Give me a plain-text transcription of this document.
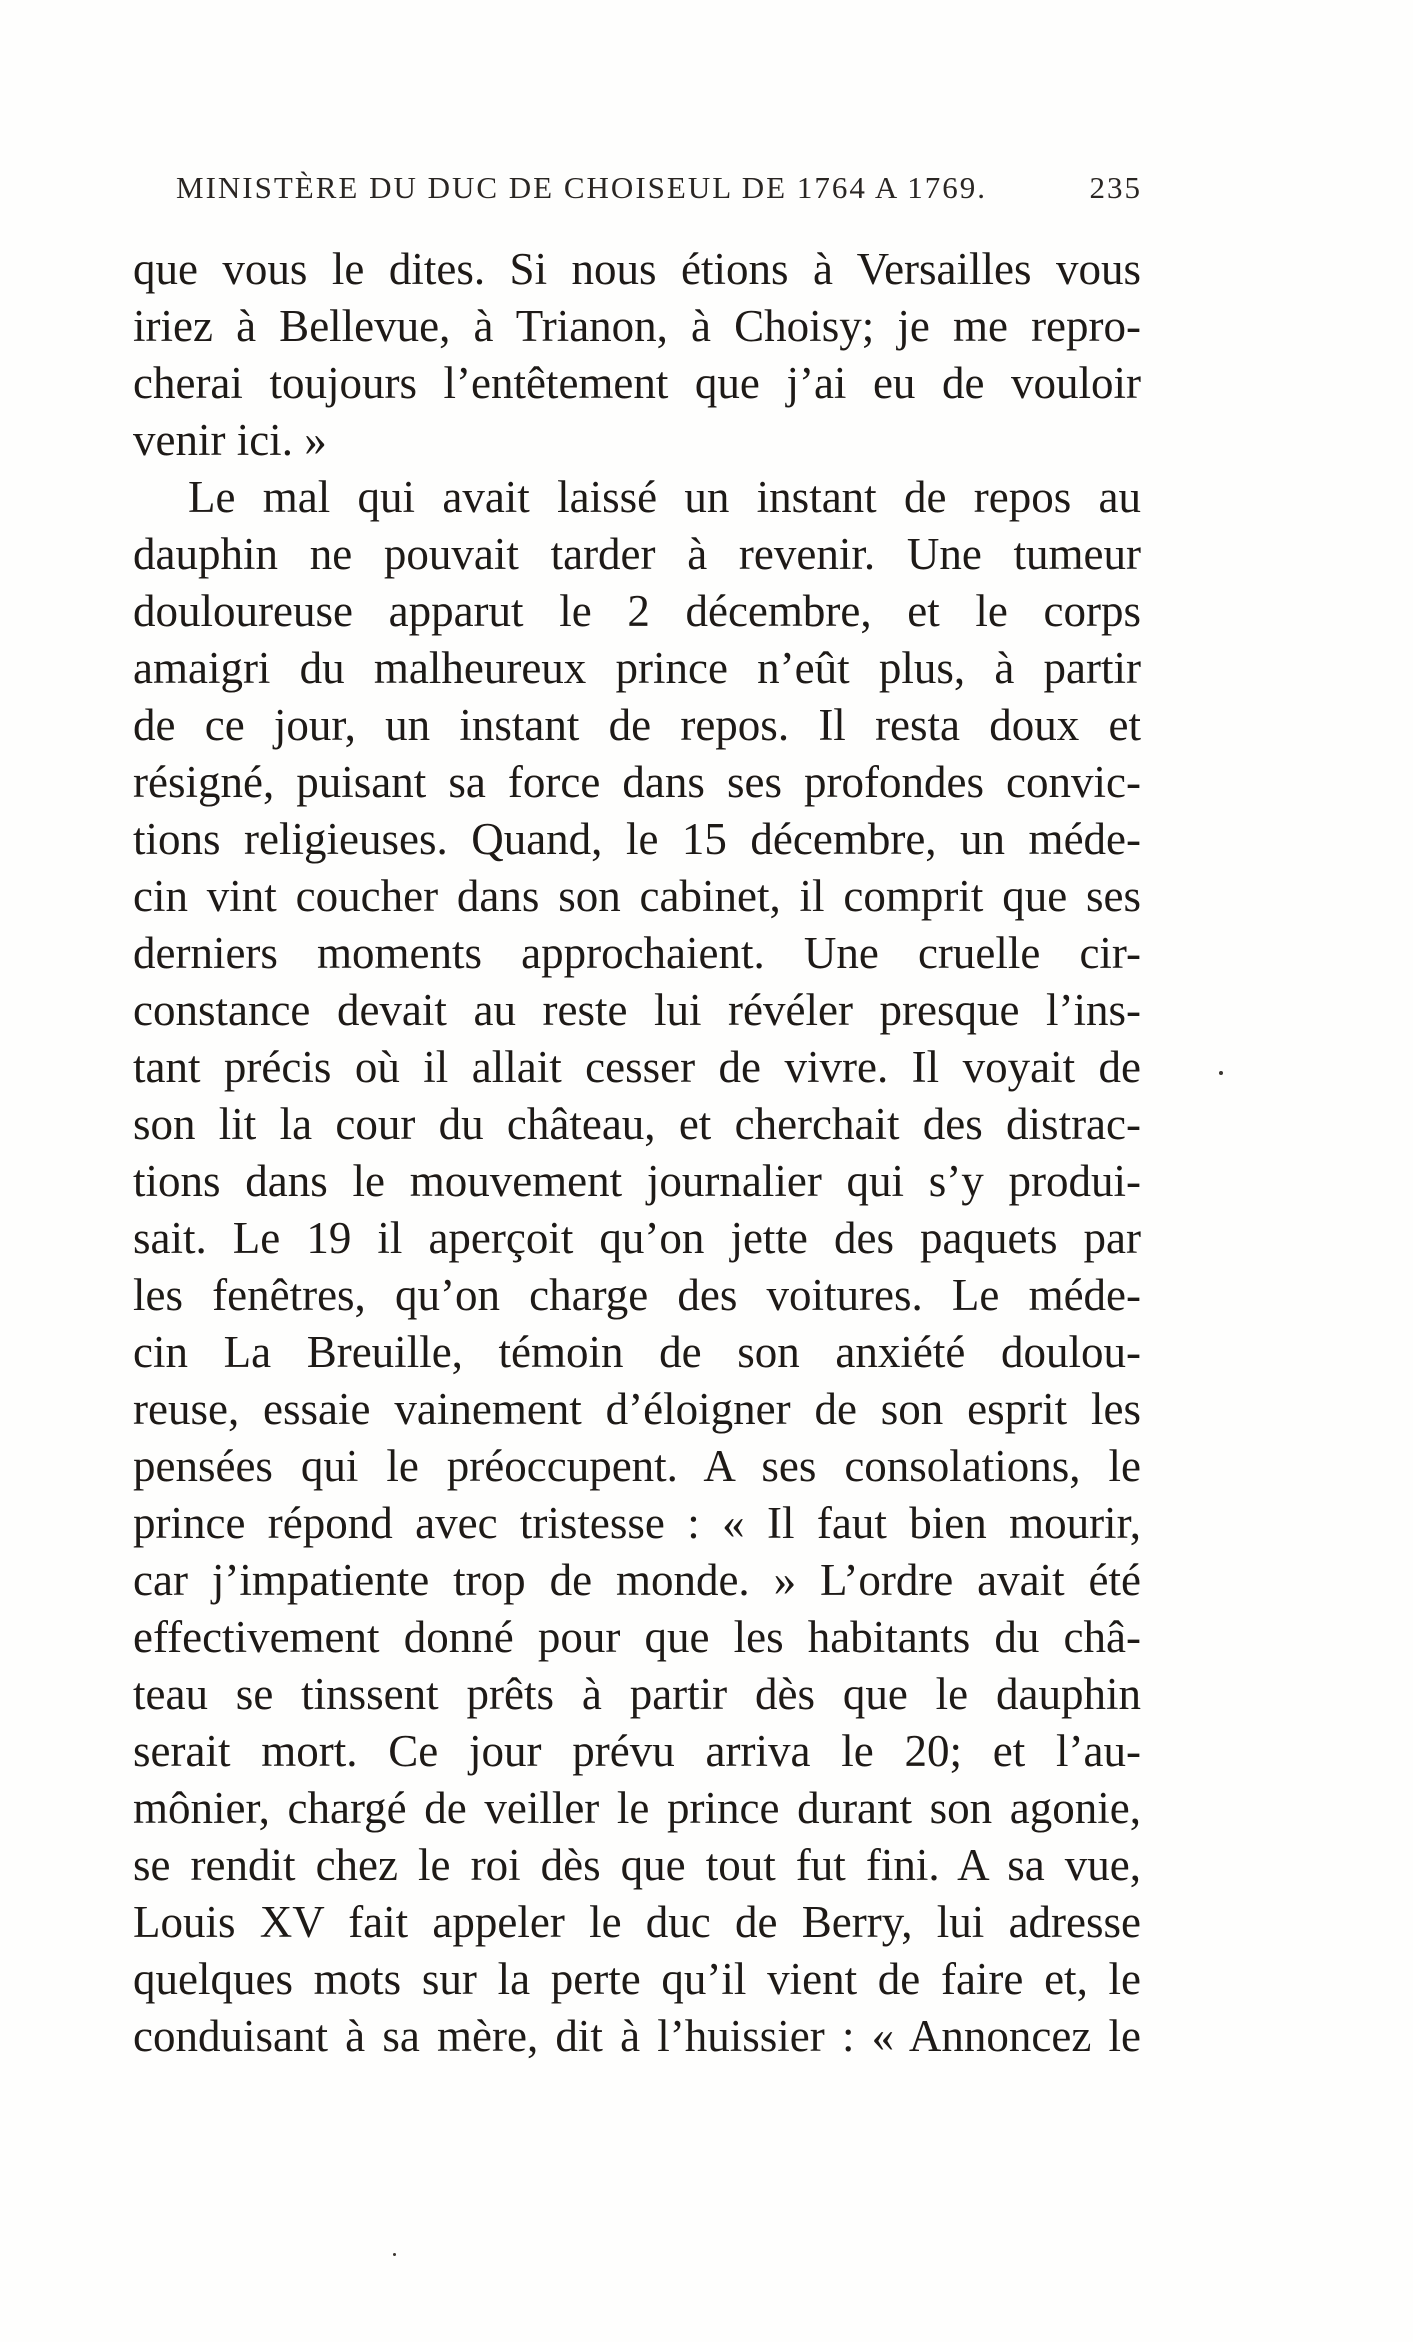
MINISTÈRE DU DUC DE CHOISEUL DE 1764 A 1769.	235
que vous le dites. Si nous étions à Versailles vous
iriez à Bellevue, à Trianon, à Choisy; je me repro-
cherai toujours l’entêtement que j’ai eu de vouloir
venir ici. »
Le mal qui avait laissé un instant de repos au
dauphin ne pouvait tarder à revenir. Une tumeur
douloureuse apparut le 2 décembre, et le corps
amaigri du malheureux prince n’eût plus, à partir
de ce jour, un instant de repos. Il resta doux et
résigné, puisant sa force dans ses profondes convic-
tions religieuses. Quand, le 15 décembre, un méde-
cin vint coucher dans son cabinet, il comprit que ses
derniers moments approchaient. Une cruelle cir-
constance devait au reste lui révéler presque l’ins-
tant précis où il allait cesser de vivre. Il voyait de
son lit la cour du château, et cherchait des distrac-
tions dans le mouvement journalier qui s’y produi-
sait. Le 19 il aperçoit qu’on jette des paquets par
les fenêtres, qu’on charge des voitures. Le méde-
cin La Breuille, témoin de son anxiété doulou-
reuse, essaie vainement d’éloigner de son esprit les
pensées qui le préoccupent. A ses consolations, le
prince répond avec tristesse : « Il faut bien mourir,
car j’impatiente trop de monde. » L’ordre avait été
effectivement donné pour que les habitants du châ-
teau se tinssent prêts à partir dès que le dauphin
serait mort. Ce jour prévu arriva le 20; et l’au-
mônier, chargé de veiller le prince durant son agonie,
se rendit chez le roi dès que tout fut fini. A sa vue,
Louis XV fait appeler le duc de Berry, lui adresse
quelques mots sur la perte qu’il vient de faire et, le
conduisant à sa mère, dit à l’huissier : « Annoncez le
